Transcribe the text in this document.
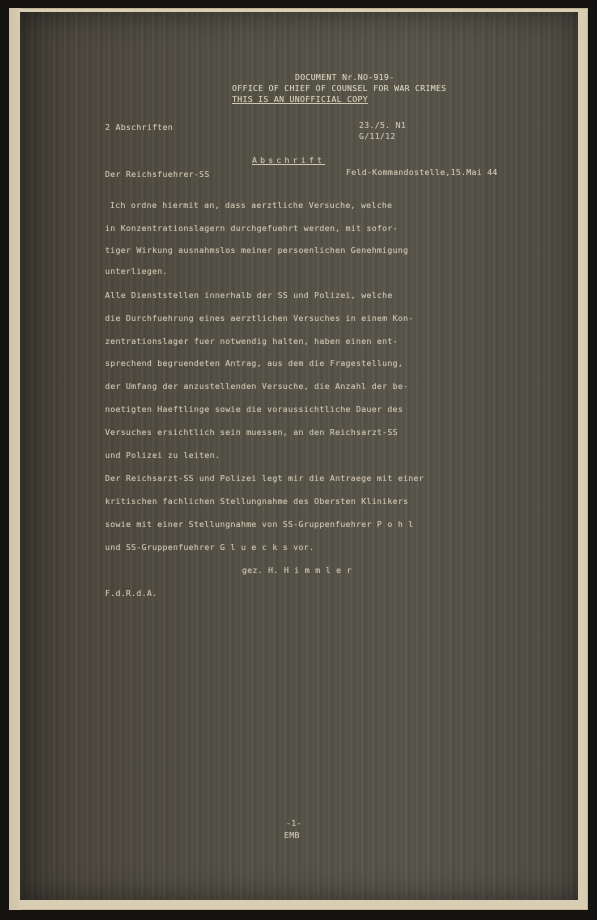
DOCUMENT Nr.NO-919-
OFFICE OF CHIEF OF COUNSEL FOR WAR CRIMES
THIS IS AN UNOFFICIAL COPY
2 Abschriften	23./5. N1
G/11/12
Abschrift
Der Reichsfuehrer-SS	Feld-Kommandostelle,15.Mai 44
Ich ordne hiermit an, dass aerztliche Versuche, welche
in Konzentrationslagern durchgefuehrt werden, mit sofor-
tiger Wirkung ausnahmslos meiner persoenlichen Genehmigung
unterliegen.
Alle Dienststellen innerhalb der SS und Polizei, welche
die Durchfuehrung eines aerztlichen Versuches in einem Kon-
zentrationslager fuer notwendig halten, haben einen ent-
sprechend begruendeten Antrag, aus dem die Fragestellung,
der Umfang der anzustellenden Versuche, die Anzahl der be-
noetigten Haeftlinge sowie die voraussichtliche Dauer des
Versuches ersichtlich sein muessen, an den Reichsarzt-SS
und Polizei zu leiten.
Der Reichsarzt-SS und Polizei legt mir die Antraege mit einer
kritischen fachlichen Stellungnahme des Obersten Klinikers
sowie mit einer Stellungnahme von SS-Gruppenfuehrer P o h l
und SS-Gruppenfuehrer G l u e c k s vor.
gez. H. H i m m l e r
F.d.R.d.A.
-1-
EMB
